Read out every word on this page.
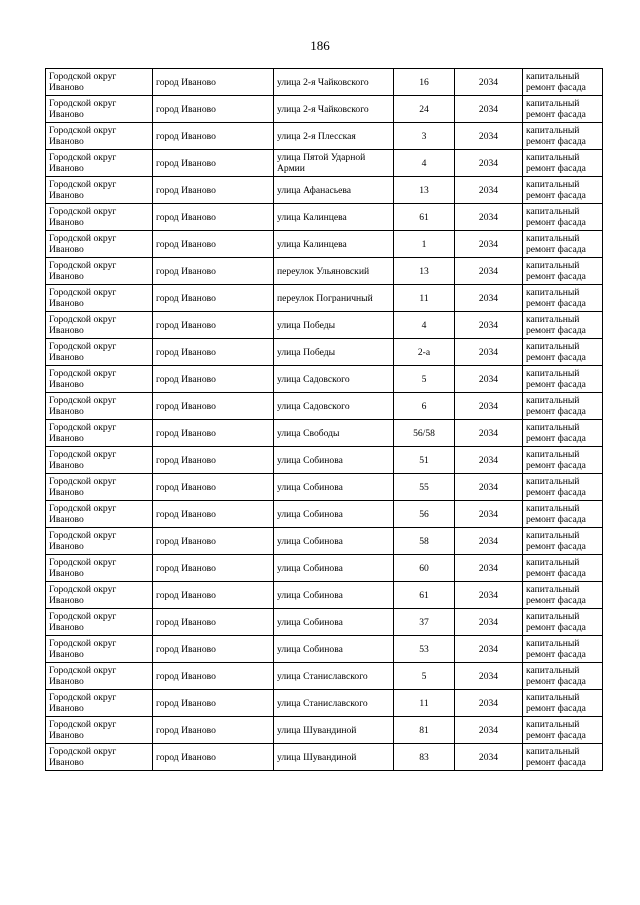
186
Городской округ Иваново	город Иваново	улица 2-я Чайковского	16	2034	капитальный ремонт фасада
Городской округ Иваново	город Иваново	улица 2-я Чайковского	24	2034	капитальный ремонт фасада
Городской округ Иваново	город Иваново	улица 2-я Плесская	3	2034	капитальный ремонт фасада
Городской округ Иваново	город Иваново	улица Пятой Ударной Армии	4	2034	капитальный ремонт фасада
Городской округ Иваново	город Иваново	улица Афанасьева	13	2034	капитальный ремонт фасада
Городской округ Иваново	город Иваново	улица Калинцева	61	2034	капитальный ремонт фасада
Городской округ Иваново	город Иваново	улица Калинцева	1	2034	капитальный ремонт фасада
Городской округ Иваново	город Иваново	переулок Ульяновский	13	2034	капитальный ремонт фасада
Городской округ Иваново	город Иваново	переулок Пограничный	11	2034	капитальный ремонт фасада
Городской округ Иваново	город Иваново	улица Победы	4	2034	капитальный ремонт фасада
Городской округ Иваново	город Иваново	улица Победы	2-а	2034	капитальный ремонт фасада
Городской округ Иваново	город Иваново	улица Садовского	5	2034	капитальный ремонт фасада
Городской округ Иваново	город Иваново	улица Садовского	6	2034	капитальный ремонт фасада
Городской округ Иваново	город Иваново	улица Свободы	56/58	2034	капитальный ремонт фасада
Городской округ Иваново	город Иваново	улица Собинова	51	2034	капитальный ремонт фасада
Городской округ Иваново	город Иваново	улица Собинова	55	2034	капитальный ремонт фасада
Городской округ Иваново	город Иваново	улица Собинова	56	2034	капитальный ремонт фасада
Городской округ Иваново	город Иваново	улица Собинова	58	2034	капитальный ремонт фасада
Городской округ Иваново	город Иваново	улица Собинова	60	2034	капитальный ремонт фасада
Городской округ Иваново	город Иваново	улица Собинова	61	2034	капитальный ремонт фасада
Городской округ Иваново	город Иваново	улица Собинова	37	2034	капитальный ремонт фасада
Городской округ Иваново	город Иваново	улица Собинова	53	2034	капитальный ремонт фасада
Городской округ Иваново	город Иваново	улица Станиславского	5	2034	капитальный ремонт фасада
Городской округ Иваново	город Иваново	улица Станиславского	11	2034	капитальный ремонт фасада
Городской округ Иваново	город Иваново	улица Шувандиной	81	2034	капитальный ремонт фасада
Городской округ Иваново	город Иваново	улица Шувандиной	83	2034	капитальный ремонт фасада
